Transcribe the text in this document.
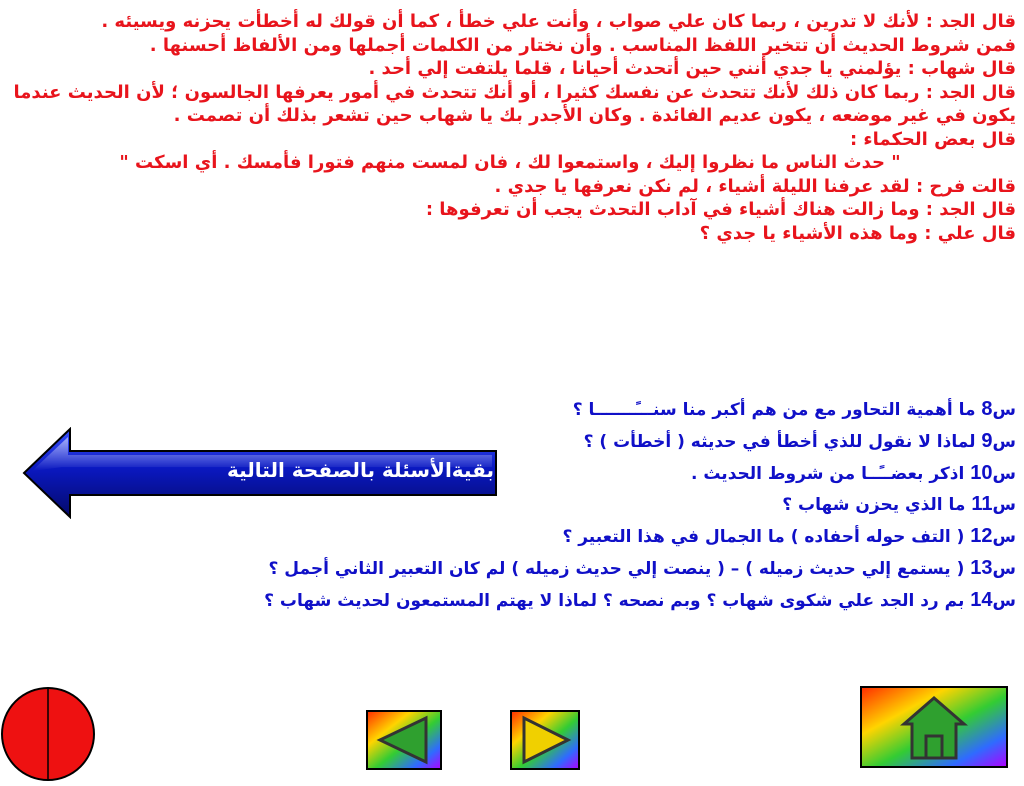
قال الجد : لأنك لا تدرين ، ربما كان علي صواب ، وأنت علي خطأ ، كما أن قولك له أخطأت يحزنه ويسيئه .

فمن شروط الحديث أن تتخير اللفظ المناسب . وأن نختار من الكلمات أجملها ومن الألفاظ أحسنها .

قال شهاب : يؤلمني يا جدي أنني حين أتحدث أحيانا ، قلما يلتفت إلي أحد .

قال الجد : ربما كان ذلك لأنك تتحدث عن نفسك كثيرا ، أو أنك تتحدث في أمور يعرفها الجالسون ؛ لأن الحديث عندما يكون في غير موضعه ، يكون عديم الفائدة . وكان الأجدر بك يا شهاب حين تشعر بذلك أن تصمت .

قال بعض الحكماء :

" حدث الناس ما نظروا إليك ، واستمعوا لك ، فان لمست منهم فتورا فأمسك . أي اسكت "

قالت فرح : لقد عرفنا الليلة أشياء ، لم نكن نعرفها يا جدي .

قال الجد : وما زالت هناك أشياء في آداب التحدث يجب أن تعرفوها :

قال علي : وما هذه الأشياء يا جدي ؟

س8 ما أهمية التحاور مع من هم أكبر منا سنـــًـــــــا ؟

س9 لماذا لا نقول للذي أخطأ في حديثه ( أخطأت ) ؟

س10 اذكر بعضــًــا من شروط الحديث .

س11 ما الذي يحزن شهاب ؟

س12 ( التف حوله أحفاده ) ما الجمال في هذا التعبير ؟

س13 ( يستمع إلي حديث زميله ) – ( ينصت إلي حديث زميله ) لم كان التعبير الثاني أجمل ؟

س14 بم رد الجد علي شكوى شهاب ؟ وبم نصحه ؟ لماذا لا يهتم المستمعون لحديث شهاب ؟

بقيةالأسئلة بالصفحة التالية
